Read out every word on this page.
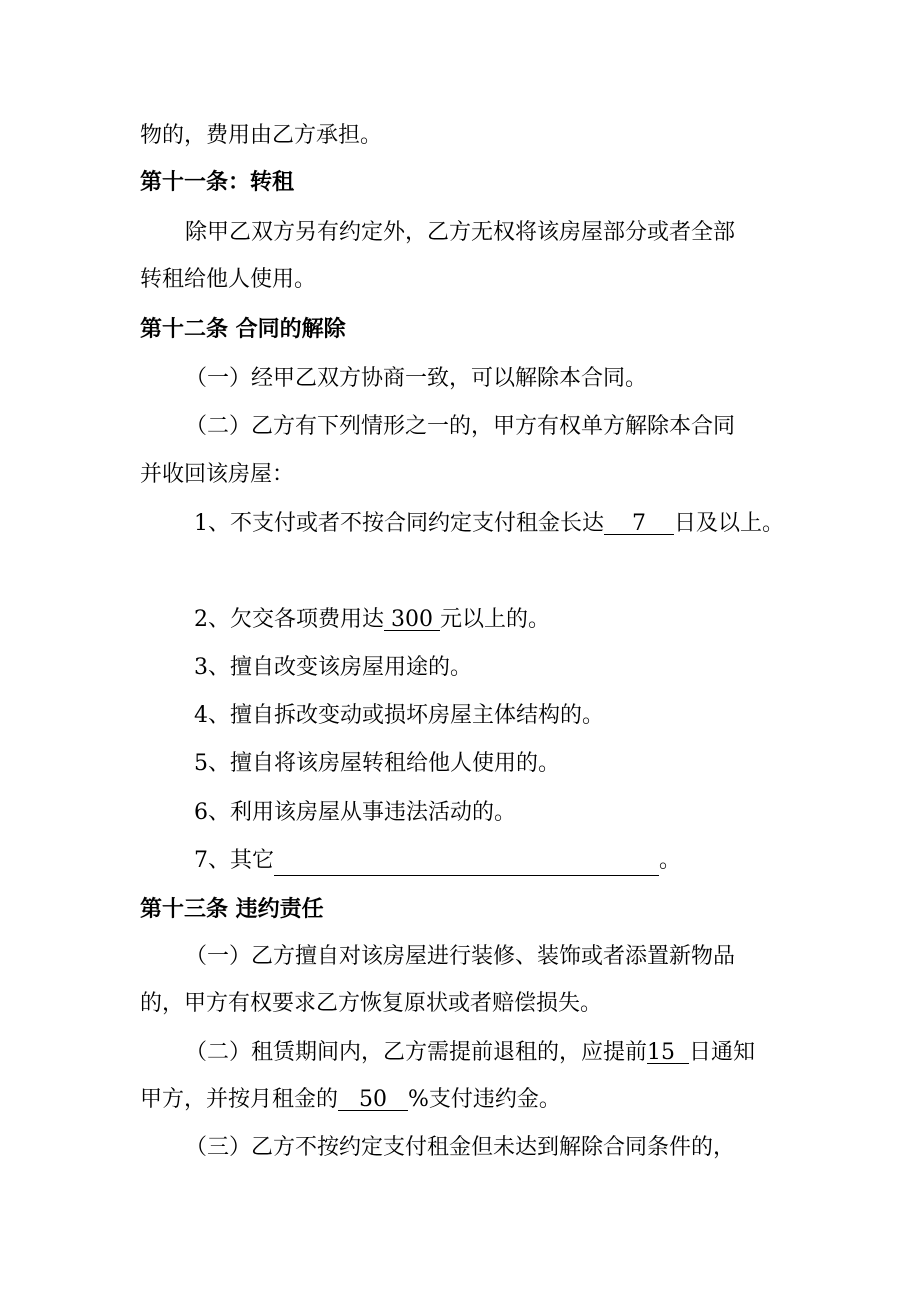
物的，费用由乙方承担。
第十一条：转租
除甲乙双方另有约定外，乙方无权将该房屋部分或者全部
转租给他人使用。
第十二条 合同的解除
（一）经甲乙双方协商一致，可以解除本合同。
（二）乙方有下列情形之一的，甲方有权单方解除本合同
并收回该房屋：
1、不支付或者不按合同约定支付租金长达 7 日及以上。
2、欠交各项费用达 300 元以上的。
3、擅自改变该房屋用途的。
4、擅自拆改变动或损坏房屋主体结构的。
5、擅自将该房屋转租给他人使用的。
6、利用该房屋从事违法活动的。
7、其它	。
第十三条 违约责任
（一）乙方擅自对该房屋进行装修、装饰或者添置新物品
的，甲方有权要求乙方恢复原状或者赔偿损失。
（二）租赁期间内，乙方需提前退租的，应提前15 日通知
甲方，并按月租金的 50 %支付违约金。
（三）乙方不按约定支付租金但未达到解除合同条件的，
